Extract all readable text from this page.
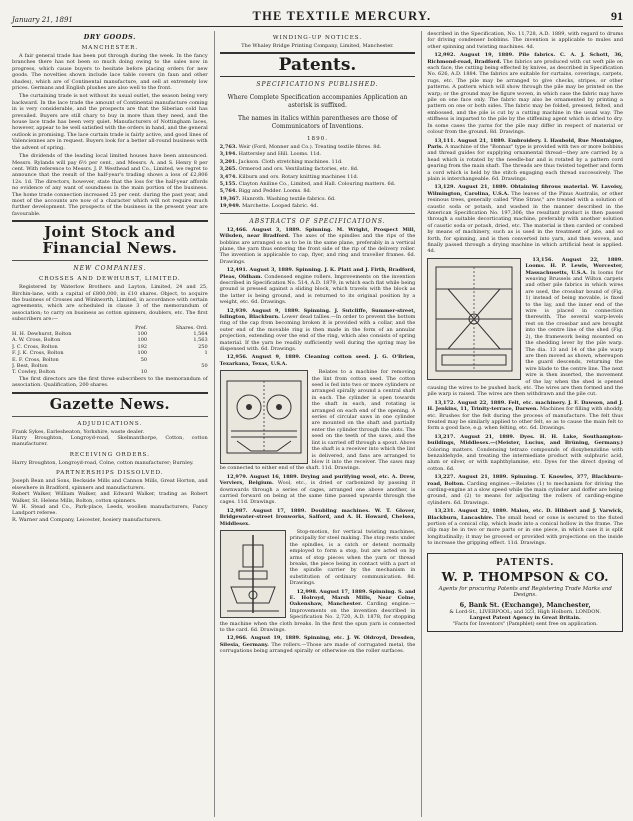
January 21, 1891	THE TEXTILE MERCURY.	91
DRY GOODS.
MANCHESTER.

A fair general trade has been put through during the week. In the fancy branches there has not been so much doing owing to the sales now in progress, which cause buyers to hesitate before placing orders for new goods. The novelties shown include lace table covers (in faun and other shades), which are of Continental manufacture, and sell at extremely low prices. Germans and English plushes are also well to the front.

The curtaining trade is not without its usual outlet, the season being very backward. In the lace trade the amount of Continental manufacture coming in is very considerable, and the prospects are that the Siberian cold has prevailed. Buyers are still chary to buy in more than they need, and the house lace trade has been very quiet. Manufacturers of Nottingham laces, however, appear to be well satisfied with the orders in hand, and the general outlook is promising. The lace curtain trade is fairly active, and good lines of Valenciennes are in request. Buyers look for a better all-round business with the advent of spring.

The dividends of the leading local limited houses have been announced. Messrs. Rylands will pay 6½ per cent., and Messrs. A. and S. Henry 8 per cent. With reference to Messrs. J. P. Westhead and Co., Limited, we regret to announce that the result of the half-year's trading shows a loss of £2,806 12s. 1d. The directors, however, state that the loss for the half-year affords no evidence of any want of soundness in the main portion of the business. The home trade connection increased 25 per cent. during the past year, and most of the accounts are now of a character which will not require much further development. The prospects of the business in the present year are favourable.

Joint Stock and Financial News.
NEW COMPANIES.
CROSSES AND DEWHURST, LIMITED.

Registered by Waterlow Brothers and Layton, Limited, 24 and 25, Birchin-lane, with a capital of £800,000, in £10 shares. Object, to acquire the business of Crosses and Winkworth, Limited, in accordance with certain agreements, which are scheduled in clause 3 of the memorandum of association; to carry on business as cotton spinners, doublers, etc. The first subscribers are:—

	Pref.	Shares. Ord.
H. H. Dewhurst, Bolton	100	1,564
A. W. Cross, Bolton	100	1,563
J. C. Cross, Bolton	192	250
F. J. K. Cross, Bolton	100	1
E. F. Cross, Bolton	50	
J. Best, Bolton		50
T. Cowley, Bolton	10	

The first directors are the first three subscribers to the memorandum of association. Qualification, 200 shares.

Gazette News.
ADJUDICATIONS.

Frank Sykes, Earlesheaton, Yorkshire, waste dealer.
Harry Broughton, Longroyd-road, Skelmanthorpe, Cotton, cotton manufacturer.

RECEIVING ORDERS.

Harry Broughton, Longroyd-road, Colne, cotton manufacturer; Burnley.

PARTNERSHIPS DISSOLVED.

Joseph Bean and Sons, Beckside Mills and Cannon Mills, Great Horton, and elsewhere in Bradford, spinners and manufacturers.
Robert Walker, William Walker, and Edward Walker, trading as Robert Walker, St. Helens Mills, Bolton, cotton spinners.
W. H. Stead and Co., Park-place, Leeds, woollen manufacturers, Fancy Landport referee.
R. Warner and Company, Leicester, hosiery manufacturers.

WINDING-UP NOTICES.

The Whaley Bridge Printing Company, Limited, Manchester.

Patents.
SPECIFICATIONS PUBLISHED.

Where Complete Specification accompanies Application an asterisk is suffixed.

The names in italics within parentheses are those of Communicators of Inventions.

1890.
2,763. Weir (Ford, Monner and Co.). Treating textile fibres. 8d.
3,194. Hattersley and Hill. Looms. 11d.
3,201. Jackson. Cloth stretching machines. 11d.
3,265. Ormerod and ors. Ventilating factories, etc. 8d.
3,474. Kilburn and ors. Rotary knitting machines 11d.
5,155. Clayton Aniline Co., Limited, and Hall. Colouring matters. 6d.
5,764. Rigg and Pedder. Looms. 8d.
19,367. Hanroth. Washing textile fabrics. 6d.
19,949. Marchette. Looped fabric. 4d.
ABSTRACTS OF SPECIFICATIONS.

12,466. August 3, 1889. Spinning. M. Wright, Prospect Mill, Wilsden, near Bradford. The axes of the spindles and the rips of the bobbins are arranged so as to be in the same plane, preferably in a vertical plane, the yarn thus entering the front side of the rip of the delivery roller. The invention is applicable to cap, flyer, and ring and traveller frames. 6d. Drawings.

12,491. August 3, 1889. Spinning. J. K. Platt and J. Firth, Bradford, Pleas, Oldham. Condensed engine rollers. Improvements on the invention described in Specification No. 514, A.D. 1879, in which each flat while being ground is pressed against a sliding block, which travels with the block as the latter is being ground, and is returned to its original position by a weight, etc. 6d. Drawings.

12,939. August 9, 1889. Spinning. J. Sutcliffe, Summer-street, Islington, Blackburn. Lower dead tallies.—In order to prevent the bottom ring of the cap from becoming broken it is provided with a collar, and the outer end of the movable ring is then made in the form of an annular projection, extending over the end of the ring, which also consists of spring material. If the yarn be readily sufficiently well during the spring may be dispensed with. 6d. Drawings.

12,956. August 9, 1889. Cleaning cotton seed. J. G. O'Brien, Texarkana, Texas, U.S.A.

Relates to a machine for removing the lint from cotton seed. The cotton seed is fed into two or more cylinders or arranged spirally around a central shaft in each. The cylinder is open towards the shaft in each, and rotating is arranged on each end of the opening. A series of circular saws in one cylinder are mounted on the shaft and partially enter the cylinder through the slots. The seed on the teeth of the saws, and the lint is carried off through a spout. Above the shaft is a receiver into which the lint is delivered, and fans are arranged to blow it into the receiver. The saws may be connected to either end of the shaft. 11d. Drawings.

12,979. August 16, 1889. Drying and purifying wool, etc. A. Drew, Verviers, Belgium. Wool, etc., is dried or carbonized by passing it downwards through a series of cages, arranged one above another, is carried forward on being at the same time passed upwards through the cages. 11d. Drawings.

12,987. August 17, 1889. Doubling machines. W. T. Glover, Bridgewater-street Ironworks, Salford, and A. H. Howard, Chelsea, Middlesex.

Stop-motion, for vertical twisting machines, principally for steel making. The stop rests under the spindles, is a catch or detent normally employed to form a stop, but are acted on by arms of stop pieces when the yarn or thread breaks, the piece being in contact with a part of the spindle carrier by the mechanism in substitution of ordinary communication. 8d. Drawings.

12,998. August 17, 1889. Spinning. S. and E. Holroyd, Marsh Mills, Near Colne, Oakenshaw, Manchester. Carding engine.—Improvements on the invention described in Specification No. 2,720, A.D. 1878, for stopping the machine when the cloth breaks. In the first the spun yarn is connected to the card. 6d. Drawings.

12,966. August 19, 1889. Spinning, etc. J. W. Oldroyd, Dresden, Silesia, Germany. The rollers.—Those are made of corrugated metal, the corrugations being arranged spirally or otherwise on the roller surfaces.

described in the Specification, No. 11,728, A.D. 1889, with regard to drums for driving condenser bobbins. The invention is applicable to mules and other spinning and twisting machines. 4d.

12,992. August 19, 1889. Pile fabrics. C. A. J. Schott, 36, Richmond-road, Bradford. The fabrics are produced with cut weft pile on each face, the cutting being effected by knives, as described in Specification No. 626, A.D. 1884. The fabrics are suitable for curtains, coverings, carpets, rugs, etc. The pile may be arranged to give checks, stripes, or other patterns. A pattern which will show through the pile may be printed on the warp; or the ground may be figure woven, in which case the fabric may have pile on one face only. The fabric may also be ornamented by printing a pattern on one or both sides. The fabric may be folded, pressed, felted, and embossed, and the pile is cut by a cutting machine in the usual way. The stiffness is imparted to the pile by the stiffening agent which is dried to dry. In some cases the yarns for the pile may differ in respect of material or colour from the ground. 8d. Drawings.

13,111. August 21, 1889. Embroidery. I. Haubold, Rue Montaigne, Paris. A machine of the "Bonnaz" type is provided with two or more bobbins and thread guides for supplying ornamental thread—they are carried by a head which is rotated by the needle-bar and is rotated by a pattern cord gearing from the main shaft. The threads are thus twisted together and form a cord which is held by the stitch engaging each thread successively. The plain is interchangeable. 6d. Drawings.

13,129. August 21, 1889. Obtaining fibrous material. W. Lavoisy, Wilmington, Carolina, U.S.A. The leaves of the Pinus Australis, or other resinous trees, generally called "Pine Straw," are treated with a solution of caustic soda or potash, and washed in the manner described in the American Specification No. 197,306; the resultant product is then passed through a suitable decorticating machine, preferably with another solution of caustic soda or potash, dried, etc. The material is then carded or combed by means of machinery, such as is used in the treatment of jute, and so forth, for spinning, and is then converted into yarn, and then woven, and finally passed through a drying machine in which artificial heat is applied. 4d.

13,156. August 22, 1889. Looms. H. P. Lewis, Worcester, Massachusetts, U.S.A. In looms for weaving Brussels and Wilton carpets and other pile fabrics in which wires are used, the crossbar bound of (Fig. 1) instead of being movable, is fixed to the lay, and the inner end of the wire is placed in connection therewith. The several warp-levels rest on the crossbar and are brought into the centre line of the shed (Fig. 2), the framework being mounted on the shedding lever by the pile warp. The dia. 13 and 14 of the pile warp are then moved as shown, whereupon the guard descends, returning the wire blade to the centre line. The next wire is then inserted, the movement of the lay when the shed is opened causing the wires to be pushed back, etc. The wires are then formed and the pile warp is raised. The wires are then withdrawn and the pile cut.

13,172. August 22, 1889. Felt, etc. machinery. J. F. Dawson, and J. H. Jenkins, 11, Trinity-terrace, Darwen. Machines for filling with shoddy, etc. Brushes for the felt during the process of manufacture. The felt thus treated may be similarly applied to other felt, so as to cause the main felt to form a good face, e.g. when felting, etc. 6d. Drawings.

13,217. August 21, 1889. Dyes. H. H. Lake, Southampton-buildings, Middlesex.—(Meister, Lucius, and Brüning, Germany.) Coloring matters. Condensing tetrazo compounds of dioxybenzidine with benzaldehyde, and treating the intermediate product with sulphuric acid, alum or silver, or with naphthylamine, etc. Dyes for the direct dyeing of cotton. 6d.

13,227. August 21, 1889. Spinning. T. Knowles, 377, Blackburn-road, Bolton. Carding engines.—Relates (1) to mechanism for driving the carding-engine at a slow speed while the main cylinder and doffer are being ground, and (2) to means for adjusting the rollers of carding-engine cylinders. 6d. Drawings.

13,231. August 22, 1889. Malon, etc. D. Hibbert and J. Varwick, Blackburn, Lancashire. The small head or cone is secured to the fluted portion of a conical clip, which leads into a conical hollow in the frame. The clip may be in two or more parts or in one piece, in which case it is split longitudinally; it may be grooved or provided with projections on the inside to increase the gripping effect. 11d. Drawings.

PATENTS.
W. P. THOMPSON & CO.
Agents for procuring Patents and Registering Trade Marks and Designs.
6, Bank St. (Exchange), Manchester,
& Lord-St., LIVERPOOL; and 323, High Holborn, LONDON.
Largest Patent Agency in Great Britain.
"Facts for Inventors" (Pamphlet) sent free on application.
